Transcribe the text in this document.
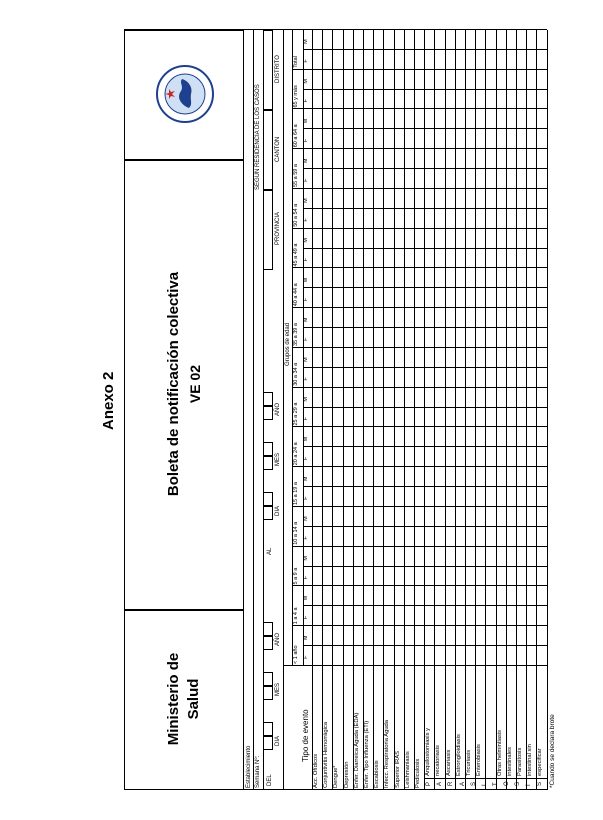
Anexo 2
Ministerio de Salud
Boleta de notificación colectiva VE 02
Establecimiento Semana Nº: DEL
DIA
MES
AÑO
AL
DIA
MES
AÑO
SEGÚN RESIDENCIA DE LOS CASOS
PROVINCIA
CANTON
DISTRITO
Tipo de evento
Grupos de edad
< 1 año F
M
1 a 4 a F
M
5 a 9 a F
M
10 a 14 a F
M
15 a 19 a F
M
20 a 24 a F
M
25 a 29 a F
M
30 a 34 a F
M
35 a 39 a F
M
40 a 44 a F
M
45 a 49 a F
M
50 a 54 a F
M
55 a 59 a F
M
60 a 64 a F
M
65 y más F
M
Total F
M
Acc. Ofídicos Conjuntivitis Hemorrágica Dengue* Depresión Enfer. Diarreica Aguda (EDA) Enfer. Tipo Influenza (ETI) Escabiosis Infecc. Respiratoria Aguda Superior IRAS Leishmaniasis Pediculosis Anquilostomiasis y necatoriasis Ascariasis Estrongiloidiasis Tricuriasis Enterobiasis Otras helmintiasis intestinales Parasitosis intestinal sin especificar
P A R A S I T O S I S *Cuando se declara brote
